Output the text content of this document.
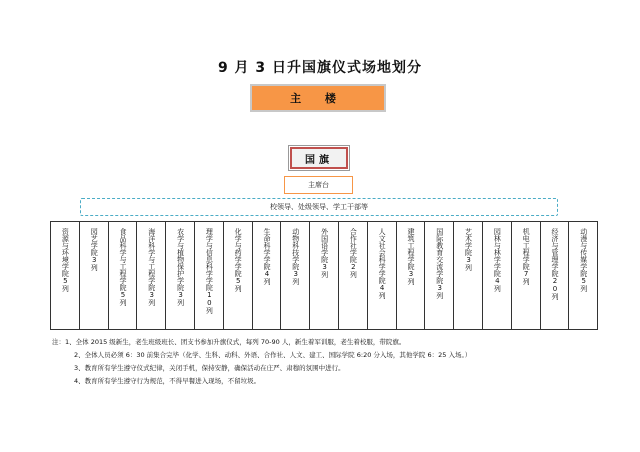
9 月 3 日升国旗仪式场地划分
主 楼
国旗
主席台
校领导、处级领导、学工干部等
资源与环境学院5列	园艺学院3列	食品科学与工程学院5列	海洋科学与工程学院3列	农学与植物保护学院3列	理学与信息科学学院10列	化学与药学学院5列	生命科学学院4列	动物科技学院3列	外国语学院3列	合作社学院2列	人文社会科学学院4列	建筑工程学院3列	国际教育交流学院3列	艺术学院3列	园林与林学学院4列	机电工程学院7列	经济与管理学院20列	动漫与传媒学院5列
注：1、全体 2015 级新生，老生班级班长、团支书参加升旗仪式，每列 70-90 人，新生着军训服，老生着校服，带院旗。
2、全体人员必须 6：30 前集合完毕（化学、生科、动科、外语、合作社、人文、建工、国际学院 6:20 分入场，其他学院 6：25 入场。）
3、教育所有学生遵守仪式纪律，关闭手机，保持安静，确保活动在庄严、肃穆的氛围中进行。
4、教育所有学生遵守行为规范，不得早餐进入现场，不留垃圾。
